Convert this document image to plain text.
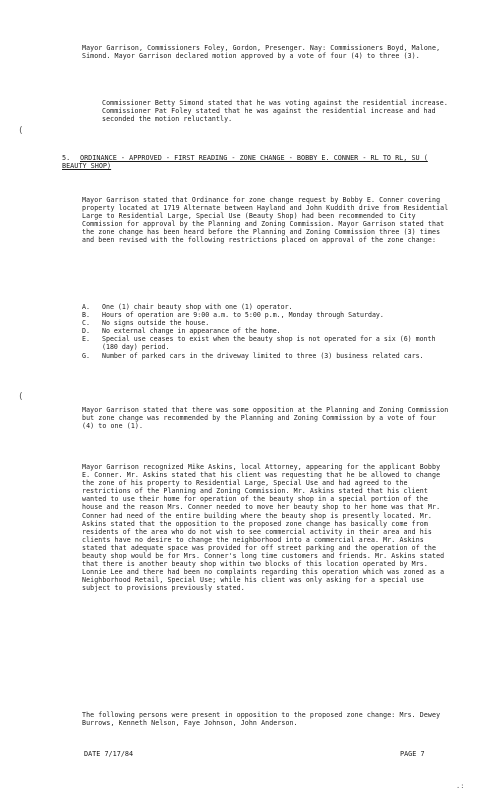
Mayor Garrison, Commissioners Foley, Gordon, Presenger. Nay: Commissioners Boyd, Malone, Simond. Mayor Garrison declared motion approved by a vote of four (4) to three (3).

Commissioner Betty Simond stated that he was voting against the residential increase. Commissioner Pat Foley stated that he was against the residential increase and had seconded the motion reluctantly.

(
5. ORDINANCE - APPROVED - FIRST READING - ZONE CHANGE - BOBBY E. CONNER - RL TO RL, SU ( BEAUTY SHOP)

Mayor Garrison stated that Ordinance for zone change request by Bobby E. Conner covering property located at 1719 Alternate between Hayland and John Kuddith drive from Residential Large to Residential Large, Special Use (Beauty Shop) had been recommended to City Commission for approval by the Planning and Zoning Commission. Mayor Garrison stated that the zone change has been heard before the Planning and Zoning Commission three (3) times and been revised with the following restrictions placed on approval of the zone change:

A.	One (1) chair beauty shop with one (1) operator.
B.	Hours of operation are 9:00 a.m. to 5:00 p.m., Monday through Saturday.
C.	No signs outside the house.
D.	No external change in appearance of the home.
E.	Special use ceases to exist when the beauty shop is not operated for a six (6) month (180 day) period.
G.	Number of parked cars in the driveway limited to three (3) business related cars.
(

Mayor Garrison stated that there was some opposition at the Planning and Zoning Commission but zone change was recommended by the Planning and Zoning Commission by a vote of four (4) to one (1).

Mayor Garrison recognized Mike Askins, local Attorney, appearing for the applicant Bobby E. Conner. Mr. Askins stated that his client was requesting that he be allowed to change the zone of his property to Residential Large, Special Use and had agreed to the restrictions of the Planning and Zoning Commission. Mr. Askins stated that his client wanted to use their home for operation of the beauty shop in a special portion of the house and the reason Mrs. Conner needed to move her beauty shop to her home was that Mr. Conner had need of the entire building where the beauty shop is presently located. Mr. Askins stated that the opposition to the proposed zone change has basically come from residents of the area who do not wish to see commercial activity in their area and his clients have no desire to change the neighborhood into a commercial area. Mr. Askins stated that adequate space was provided for off street parking and the operation of the beauty shop would be for Mrs. Conner's long time customers and friends. Mr. Askins stated that there is another beauty shop within two blocks of this location operated by Mrs. Lonnie Lee and there had been no complaints regarding this operation which was zoned as a Neighborhood Retail, Special Use; while his client was only asking for a special use subject to provisions previously stated.

The following persons were present in opposition to the proposed zone change: Mrs. Dewey Burrows, Kenneth Nelson, Faye Johnson, John Anderson.

DATE 7/17/84	PAGE 7
.:
